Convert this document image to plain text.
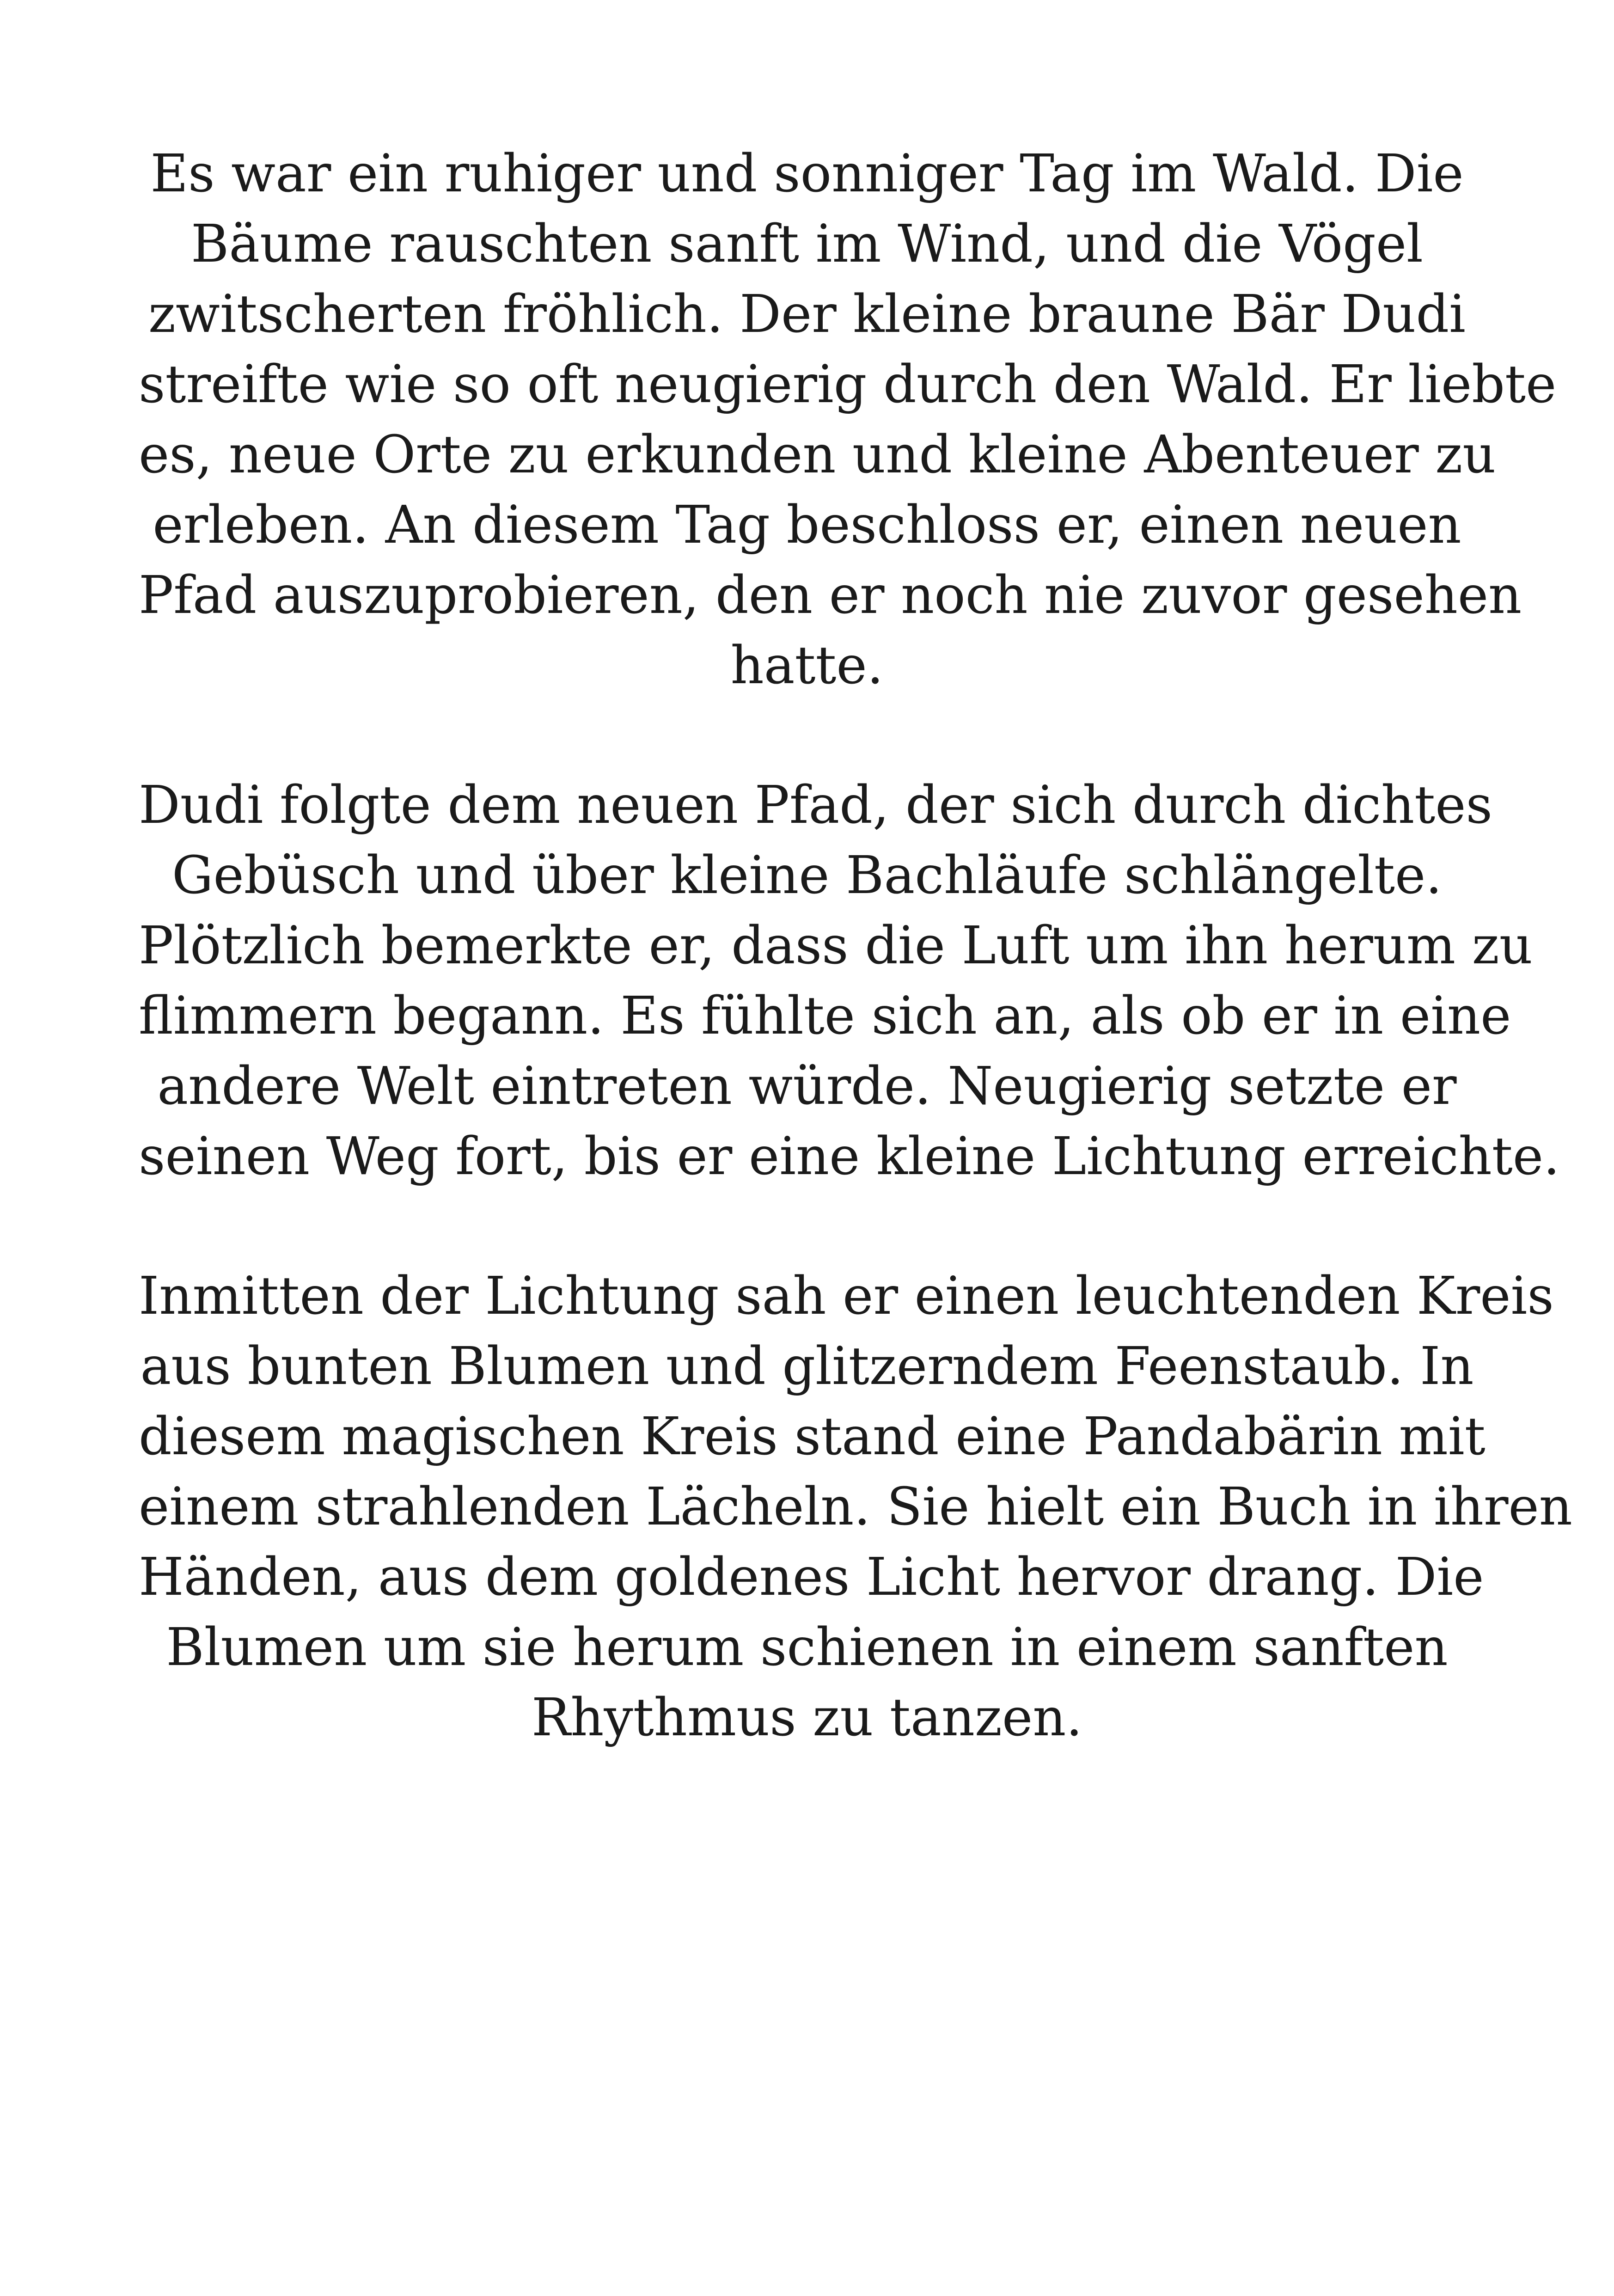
Es war ein ruhiger und sonniger Tag im Wald. Die
Bäume rauschten sanft im Wind, und die Vögel
zwitscherten fröhlich. Der kleine braune Bär Dudi
streifte wie so oft neugierig durch den Wald. Er liebte
es, neue Orte zu erkunden und kleine Abenteuer zu
erleben. An diesem Tag beschloss er, einen neuen
Pfad auszuprobieren, den er noch nie zuvor gesehen
hatte.

Dudi folgte dem neuen Pfad, der sich durch dichtes
Gebüsch und über kleine Bachläufe schlängelte.
Plötzlich bemerkte er, dass die Luft um ihn herum zu
flimmern begann. Es fühlte sich an, als ob er in eine
andere Welt eintreten würde. Neugierig setzte er
seinen Weg fort, bis er eine kleine Lichtung erreichte.

Inmitten der Lichtung sah er einen leuchtenden Kreis
aus bunten Blumen und glitzerndem Feenstaub. In
diesem magischen Kreis stand eine Pandabärin mit
einem strahlenden Lächeln. Sie hielt ein Buch in ihren
Händen, aus dem goldenes Licht hervor drang. Die
Blumen um sie herum schienen in einem sanften
Rhythmus zu tanzen.
